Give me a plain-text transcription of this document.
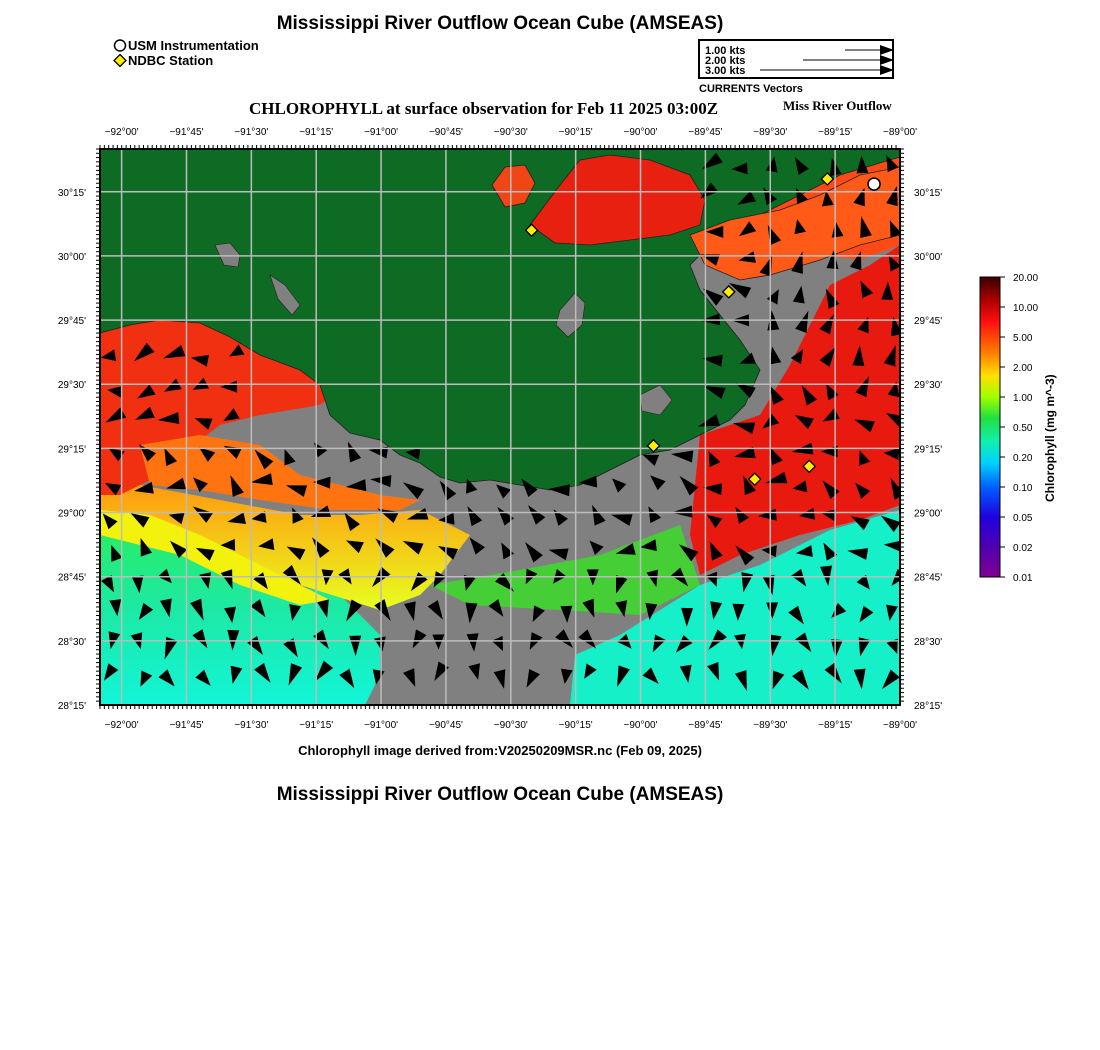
Mississippi River Outflow Ocean Cube (AMSEAS)
USM Instrumentation
NDBC Station
1.00 kts
2.00 kts
3.00 kts
CURRENTS Vectors
CHLOROPHYLL at surface observation for Feb 11 2025 03:00Z	Miss River Outflow
−92°00'	−91°45'	−91°30'	−91°15'	−91°00'	−90°45'	−90°30'	−90°15'	−90°00'	−89°45'	−89°30'	−89°15'	−89°00'
−92°00'	−91°45'	−91°30'	−91°15'	−91°00'	−90°45'	−90°30'	−90°15'	−90°00'	−89°45'	−89°30'	−89°15'	−89°00'
30°15'
30°00'
29°45'
29°30'
29°15'
29°00'
28°45'
28°30'
28°15'
30°15'
30°00'
29°45'
29°30'
29°15'
29°00'
28°45'
28°30'
28°15'
20.00
10.00
5.00
2.00
1.00
0.50
0.20
0.10
0.05
0.02
0.01
Chlorophyll (mg m^-3)
Chlorophyll image derived from:V20250209MSR.nc (Feb 09, 2025)
Mississippi River Outflow Ocean Cube (AMSEAS)
